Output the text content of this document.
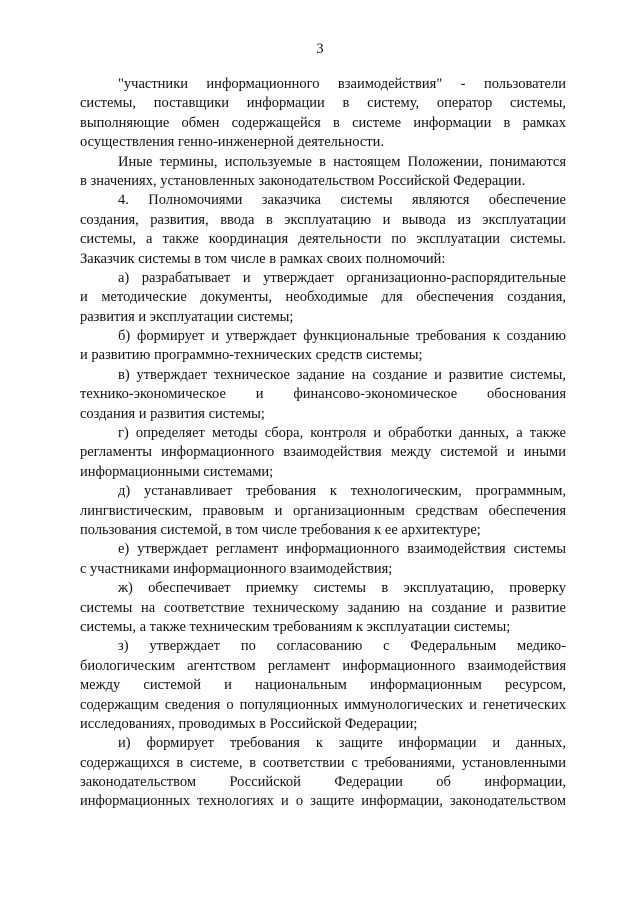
3
"участники информационного взаимодействия" - пользователи
системы, поставщики информации в систему, оператор системы,
выполняющие обмен содержащейся в системе информации в рамках
осуществления генно-инженерной деятельности.
Иные термины, используемые в настоящем Положении, понимаются
в значениях, установленных законодательством Российской Федерации.
4. Полномочиями заказчика системы являются обеспечение
создания, развития, ввода в эксплуатацию и вывода из эксплуатации
системы, а также координация деятельности по эксплуатации системы.
Заказчик системы в том числе в рамках своих полномочий:
а) разрабатывает и утверждает организационно-распорядительные
и методические документы, необходимые для обеспечения создания,
развития и эксплуатации системы;
б) формирует и утверждает функциональные требования к созданию
и развитию программно-технических средств системы;
в) утверждает техническое задание на создание и развитие системы,
технико-экономическое и финансово-экономическое обоснования
создания и развития системы;
г) определяет методы сбора, контроля и обработки данных, а также
регламенты информационного взаимодействия между системой и иными
информационными системами;
д) устанавливает требования к технологическим, программным,
лингвистическим, правовым и организационным средствам обеспечения
пользования системой, в том числе требования к ее архитектуре;
е) утверждает регламент информационного взаимодействия системы
с участниками информационного взаимодействия;
ж) обеспечивает приемку системы в эксплуатацию, проверку
системы на соответствие техническому заданию на создание и развитие
системы, а также техническим требованиям к эксплуатации системы;
з) утверждает по согласованию с Федеральным медико-
биологическим агентством регламент информационного взаимодействия
между системой и национальным информационным ресурсом,
содержащим сведения о популяционных иммунологических и генетических
исследованиях, проводимых в Российской Федерации;
и) формирует требования к защите информации и данных,
содержащихся в системе, в соответствии с требованиями, установленными
законодательством Российской Федерации об информации,
информационных технологиях и о защите информации, законодательством
